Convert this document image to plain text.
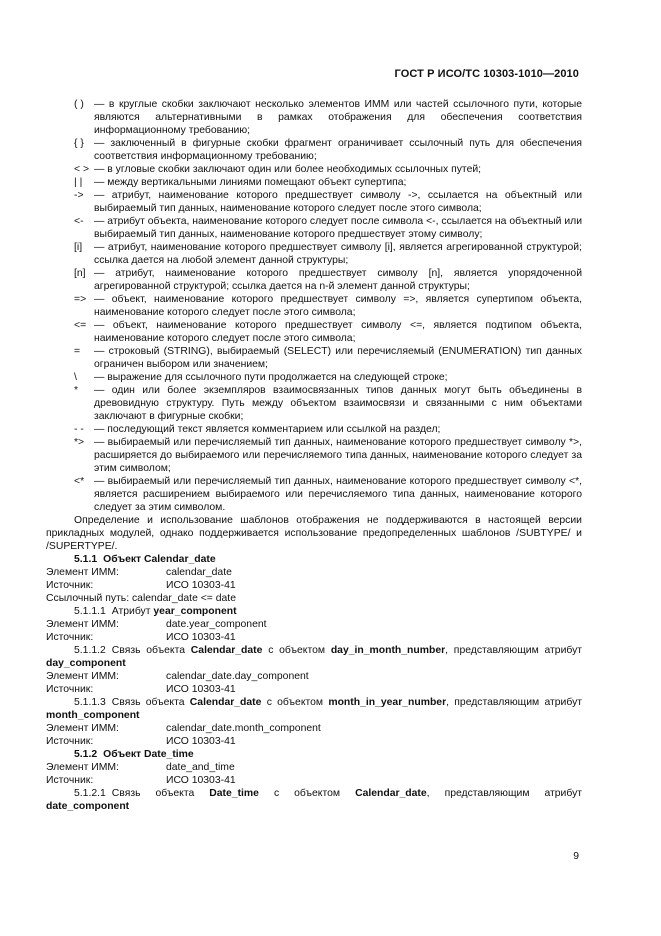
ГОСТ Р ИСО/ТС 10303-1010—2010
( ) — в круглые скобки заключают несколько элементов ИММ или частей ссылочного пути, которые являются альтернативными в рамках отображения для обеспечения соответствия информационному требованию;
{ } — заключенный в фигурные скобки фрагмент ограничивает ссылочный путь для обеспечения соответствия информационному требованию;
< > — в угловые скобки заключают один или более необходимых ссылочных путей;
| |	— между вертикальными линиями помещают объект супертипа;
->	— атрибут, наименование которого предшествует символу ->, ссылается на объектный или выбираемый тип данных, наименование которого следует после этого символа;
<-	— атрибут объекта, наименование которого следует после символа <-, ссылается на объектный или выбираемый тип данных, наименование которого предшествует этому символу;
[i]	— атрибут, наименование которого предшествует символу [i], является агрегированной структурой; ссылка дается на любой элемент данной структуры;
[n] — атрибут, наименование которого предшествует символу [n], является упорядоченной агрегированной структурой; ссылка дается на n-й элемент данной структуры;
=> — объект, наименование которого предшествует символу =>, является супертипом объекта, наименование которого следует после этого символа;
<= — объект, наименование которого предшествует символу <=, является подтипом объекта, наименование которого следует после этого символа;
=	— строковый (STRING), выбираемый (SELECT) или перечисляемый (ENUMERATION) тип данных ограничен выбором или значением;
\	— выражение для ссылочного пути продолжается на следующей строке;
*	— один или более экземпляров взаимосвязанных типов данных могут быть объединены в древовидную структуру. Путь между объектом взаимосвязи и связанными с ним объектами заключают в фигурные скобки;
- - — последующий текст является комментарием или ссылкой на раздел;
*> — выбираемый или перечисляемый тип данных, наименование которого предшествует символу *>, расширяется до выбираемого или перечисляемого типа данных, наименование которого следует за этим символом;
<* — выбираемый или перечисляемый тип данных, наименование которого предшествует символу <*, является расширением выбираемого или перечисляемого типа данных, наименование которого следует за этим символом.
Определение и использование шаблонов отображения не поддерживаются в настоящей версии прикладных модулей, однако поддерживается использование предопределенных шаблонов /SUBTYPE/ и /SUPERTYPE/.
5.1.1 Объект Calendar_date
Элемент ИММ:	calendar_date
Источник:	ИСО 10303-41
Ссылочный путь: calendar_date <= date
5.1.1.1 Атрибут year_component
Элемент ИММ:	date.year_component
Источник:	ИСО 10303-41
5.1.1.2 Связь объекта Calendar_date с объектом day_in_month_number, представляющим атрибут day_component
Элемент ИММ:	calendar_date.day_component
Источник:	ИСО 10303-41
5.1.1.3 Связь объекта Calendar_date с объектом month_in_year_number, представляющим атрибут month_component
Элемент ИММ:	calendar_date.month_component
Источник:	ИСО 10303-41
5.1.2 Объект Date_time
Элемент ИММ:	date_and_time
Источник:	ИСО 10303-41
5.1.2.1 Связь объекта Date_time с объектом Calendar_date, представляющим атрибут date_component
9
